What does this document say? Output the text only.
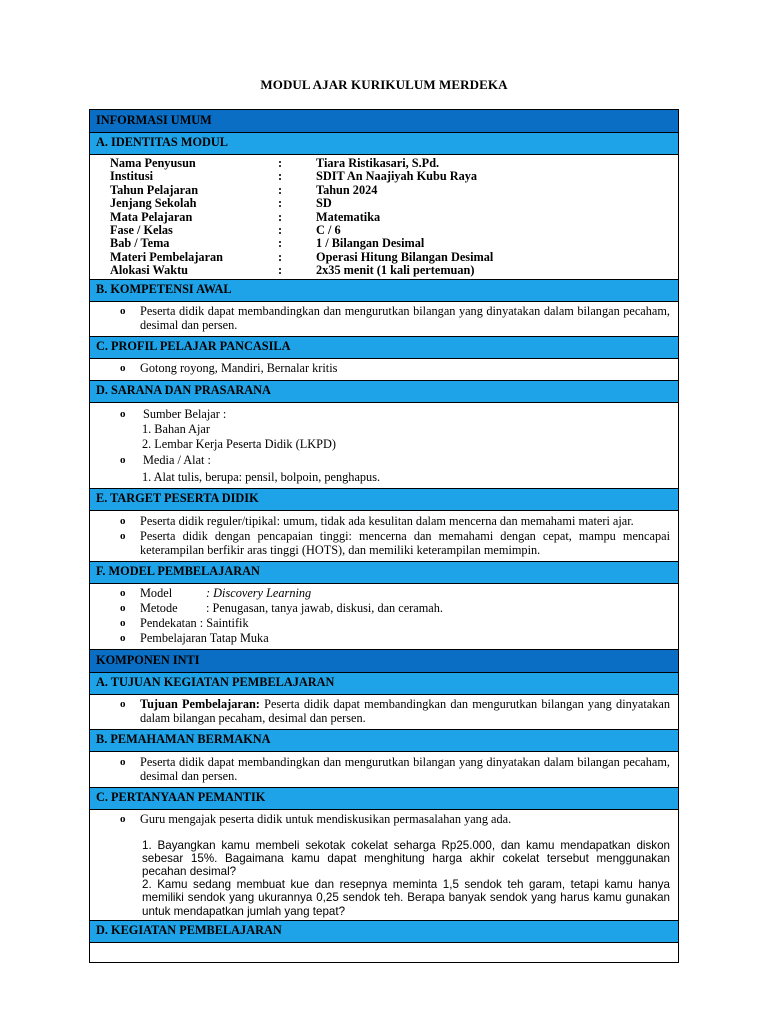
MODUL AJAR KURIKULUM MERDEKA
INFORMASI UMUM
A. IDENTITAS MODUL
Nama Penyusun	:	Tiara Ristikasari, S.Pd.
Institusi	:	SDIT An Naajiyah Kubu Raya
Tahun Pelajaran	:	Tahun 2024
Jenjang Sekolah	:	SD
Mata Pelajaran	:	Matematika
Fase / Kelas	:	C / 6
Bab / Tema	:	1 / Bilangan Desimal
Materi Pembelajaran	:	Operasi Hitung Bilangan Desimal
Alokasi Waktu	:	2x35 menit (1 kali pertemuan)
B. KOMPETENSI AWAL
o	Peserta didik dapat membandingkan dan mengurutkan bilangan yang dinyatakan dalam bilangan pecaham, desimal dan persen.
C. PROFIL PELAJAR PANCASILA
o	Gotong royong, Mandiri, Bernalar kritis
D. SARANA DAN PRASARANA
o	Sumber Belajar :
1. Bahan Ajar
2. Lembar Kerja Peserta Didik (LKPD)
o	Media / Alat :
1. Alat tulis, berupa: pensil, bolpoin, penghapus.
E. TARGET PESERTA DIDIK
o	Peserta didik reguler/tipikal: umum, tidak ada kesulitan dalam mencerna dan memahami materi ajar.
o	Peserta didik dengan pencapaian tinggi: mencerna dan memahami dengan cepat, mampu mencapai keterampilan berfikir aras tinggi (HOTS), dan memiliki keterampilan memimpin.
F. MODEL PEMBELAJARAN
o	Model	: Discovery Learning
o	Metode	: Penugasan, tanya jawab, diskusi, dan ceramah.
o	Pendekatan : Saintifik
o	Pembelajaran Tatap Muka
KOMPONEN INTI
A. TUJUAN KEGIATAN PEMBELAJARAN
o	Tujuan Pembelajaran: Peserta didik dapat membandingkan dan mengurutkan bilangan yang dinyatakan dalam bilangan pecaham, desimal dan persen.
B. PEMAHAMAN BERMAKNA
o	Peserta didik dapat membandingkan dan mengurutkan bilangan yang dinyatakan dalam bilangan pecaham, desimal dan persen.
C. PERTANYAAN PEMANTIK
o	Guru mengajak peserta didik untuk mendiskusikan permasalahan yang ada.
1. Bayangkan kamu membeli sekotak cokelat seharga Rp25.000, dan kamu mendapatkan diskon sebesar 15%. Bagaimana kamu dapat menghitung harga akhir cokelat tersebut menggunakan pecahan desimal?
2. Kamu sedang membuat kue dan resepnya meminta 1,5 sendok teh garam, tetapi kamu hanya memiliki sendok yang ukurannya 0,25 sendok teh. Berapa banyak sendok yang harus kamu gunakan untuk mendapatkan jumlah yang tepat?
D. KEGIATAN PEMBELAJARAN
